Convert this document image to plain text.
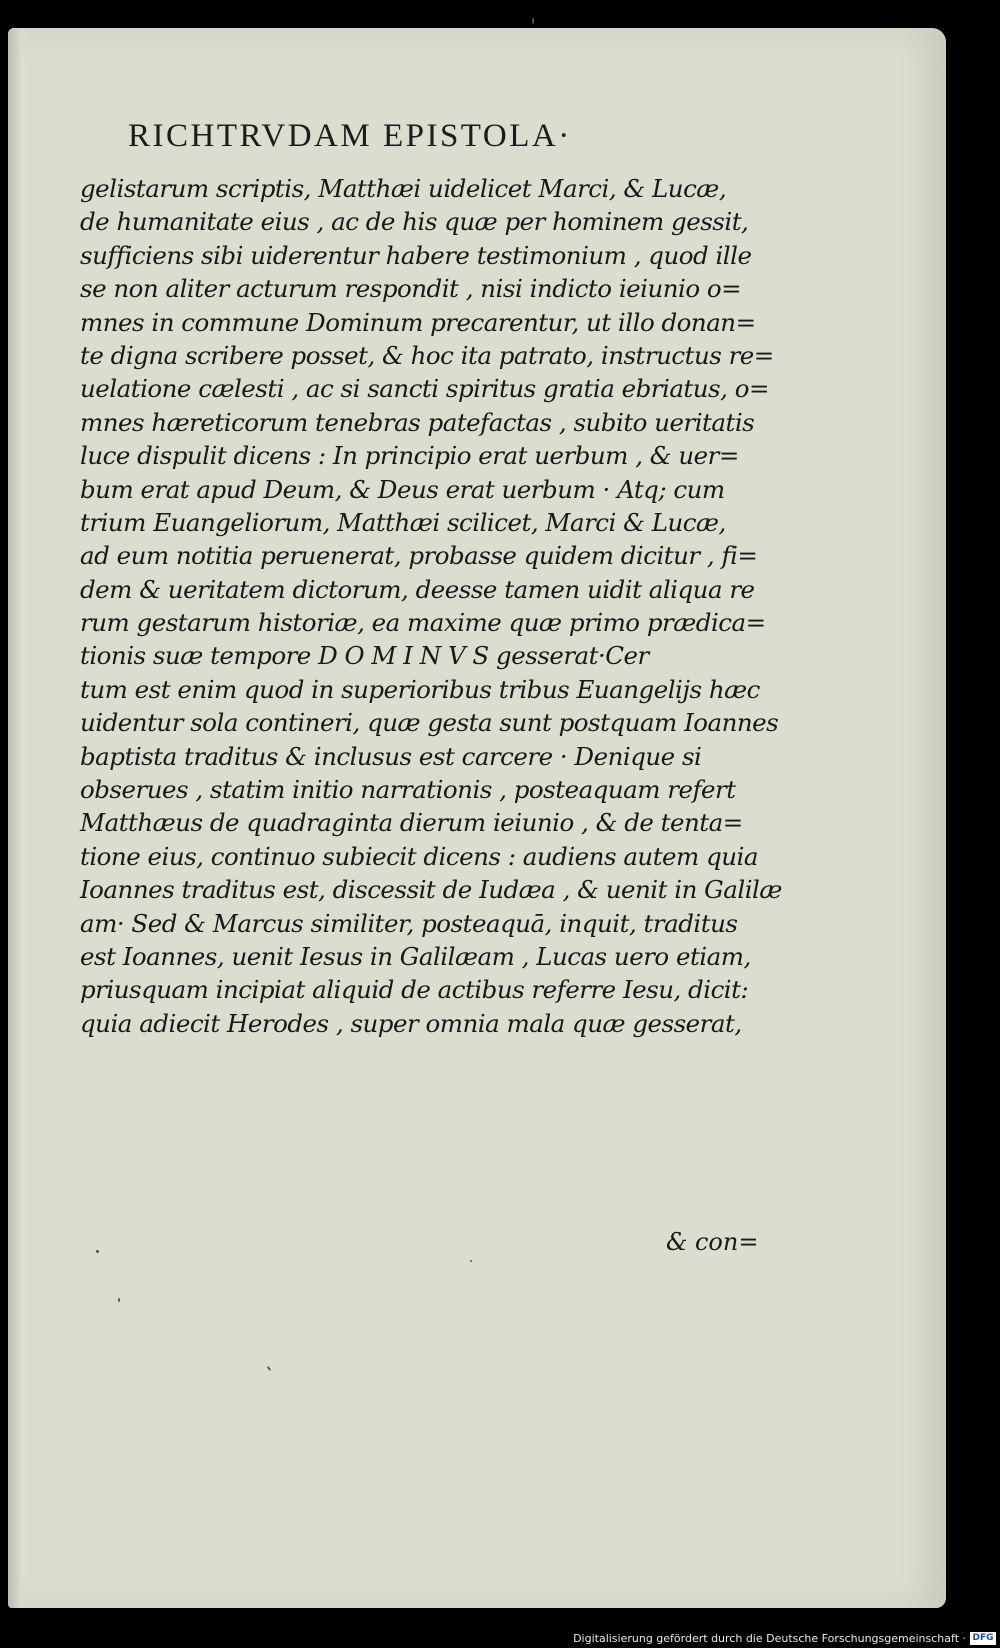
RICHTRVDAM EPISTOLA·
gelistarum scriptis, Matthæi uidelicet Marci, & Lucæ,
de humanitate eius , ac de his quæ per hominem gessit,
sufficiens sibi uiderentur habere testimonium , quod ille
se non aliter acturum respondit , nisi indicto ieiunio o=
mnes in commune Dominum precarentur, ut illo donan=
te digna scribere posset, & hoc ita patrato, instructus re=
uelatione cælesti , ac si sancti spiritus gratia ebriatus, o=
mnes hæreticorum tenebras patefactas , subito ueritatis
luce dispulit dicens : In principio erat uerbum , & uer=
bum erat apud Deum, & Deus erat uerbum · Atq; cum
trium Euangeliorum, Matthæi scilicet, Marci & Lucæ,
ad eum notitia peruenerat, probasse quidem dicitur , fi=
dem & ueritatem dictorum, deesse tamen uidit aliqua re
rum gestarum historiæ, ea maxime quæ primo prædica=
tionis suæ tempore D O M I N V S gesserat·Cer
tum est enim quod in superioribus tribus Euangelijs hæc
uidentur sola contineri, quæ gesta sunt postquam Ioannes
baptista traditus & inclusus est carcere · Denique si
obserues , statim initio narrationis , posteaquam refert
Matthæus de quadraginta dierum ieiunio , & de tenta=
tione eius, continuo subiecit dicens : audiens autem quia
Ioannes traditus est, discessit de Iudæa , & uenit in Galilæ
am· Sed & Marcus similiter, posteaquā, inquit, traditus
est Ioannes, uenit Iesus in Galilæam , Lucas uero etiam,
priusquam incipiat aliquid de actibus referre Iesu, dicit:
quia adiecit Herodes , super omnia mala quæ gesserat,
& con=
Digitalisierung gefördert durch die Deutsche Forschungsgemeinschaft · DFG
